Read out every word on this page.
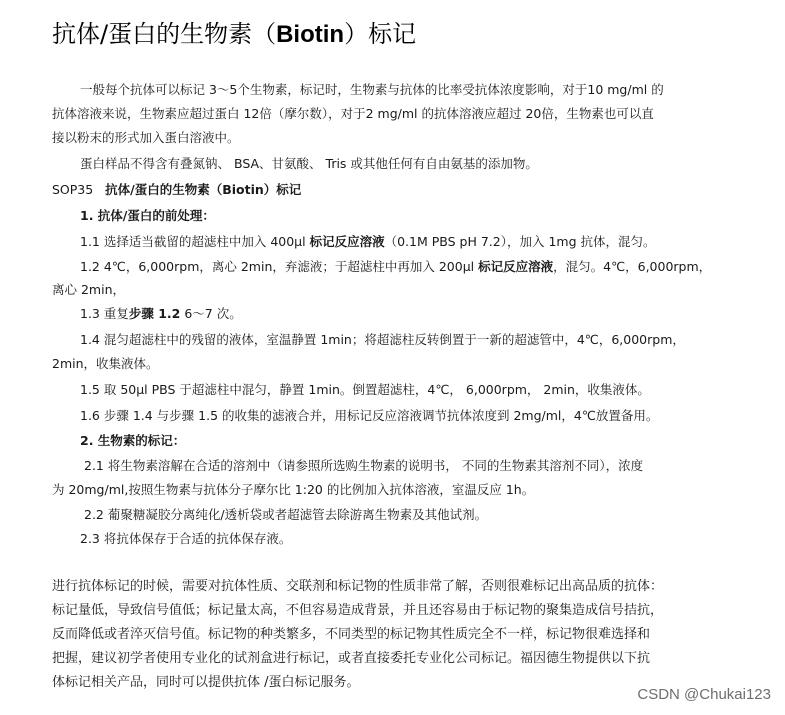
抗体/蛋白的生物素（Biotin）标记
一般每个抗体可以标记 3～5个生物素，标记时，生物素与抗体的比率受抗体浓度影响，对于10 mg/ml 的
抗体溶液来说，生物素应超过蛋白 12倍（摩尔数），对于2 mg/ml 的抗体溶液应超过 20倍，生物素也可以直
接以粉末的形式加入蛋白溶液中。
蛋白样品不得含有叠氮钠、 BSA、甘氨酸、 Tris 或其他任何有自由氨基的添加物。
SOP35 抗体/蛋白的生物素（Biotin）标记
1. 抗体/蛋白的前处理：
1.1 选择适当截留的超滤柱中加入 400µl 标记反应溶液（0.1M PBS pH 7.2），加入 1mg 抗体，混匀。
1.2 4℃，6,000rpm，离心 2min，弃滤液；于超滤柱中再加入 200µl 标记反应溶液，混匀。4℃，6,000rpm，
离心 2min，
1.3 重复步骤 1.2 6～7 次。
1.4 混匀超滤柱中的残留的液体，室温静置 1min；将超滤柱反转倒置于一新的超滤管中，4℃，6,000rpm，
2min，收集液体。
1.5 取 50µl PBS 于超滤柱中混匀，静置 1min。倒置超滤柱，4℃， 6,000rpm， 2min，收集液体。
1.6 步骤 1.4 与步骤 1.5 的收集的滤液合并，用标记反应溶液调节抗体浓度到 2mg/ml，4℃放置备用。
2. 生物素的标记：
2.1 将生物素溶解在合适的溶剂中（请参照所选购生物素的说明书， 不同的生物素其溶剂不同），浓度
为 20mg/ml,按照生物素与抗体分子摩尔比 1:20 的比例加入抗体溶液，室温反应 1h。
2.2 葡聚糖凝胶分离纯化/透析袋或者超滤管去除游离生物素及其他试剂。
2.3 将抗体保存于合适的抗体保存液。
进行抗体标记的时候，需要对抗体性质、交联剂和标记物的性质非常了解，否则很难标记出高品质的抗体：
标记量低，导致信号值低；标记量太高，不但容易造成背景，并且还容易由于标记物的聚集造成信号拮抗，
反而降低或者淬灭信号值。标记物的种类繁多，不同类型的标记物其性质完全不一样，标记物很难选择和
把握，建议初学者使用专业化的试剂盒进行标记，或者直接委托专业化公司标记。福因德生物提供以下抗
体标记相关产品，同时可以提供抗体 /蛋白标记服务。
CSDN @Chukai123
